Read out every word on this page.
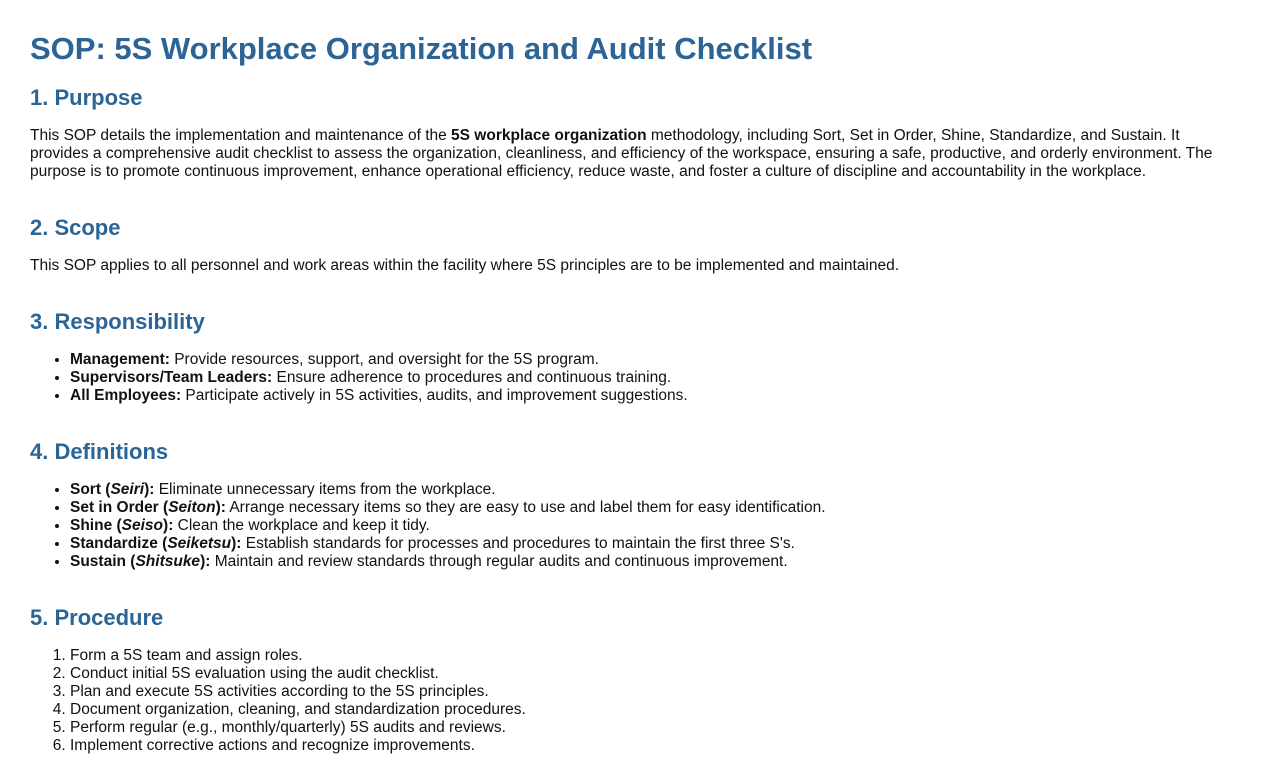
SOP: 5S Workplace Organization and Audit Checklist
1. Purpose

This SOP details the implementation and maintenance of the 5S workplace organization methodology, including Sort, Set in Order, Shine, Standardize, and Sustain. It provides a comprehensive audit checklist to assess the organization, cleanliness, and efficiency of the workspace, ensuring a safe, productive, and orderly environment. The purpose is to promote continuous improvement, enhance operational efficiency, reduce waste, and foster a culture of discipline and accountability in the workplace.

2. Scope

This SOP applies to all personnel and work areas within the facility where 5S principles are to be implemented and maintained.

3. Responsibility
• Management: Provide resources, support, and oversight for the 5S program.
• Supervisors/Team Leaders: Ensure adherence to procedures and continuous training.
• All Employees: Participate actively in 5S activities, audits, and improvement suggestions.
4. Definitions
• Sort (Seiri): Eliminate unnecessary items from the workplace.
• Set in Order (Seiton): Arrange necessary items so they are easy to use and label them for easy identification.
• Shine (Seiso): Clean the workplace and keep it tidy.
• Standardize (Seiketsu): Establish standards for processes and procedures to maintain the first three S's.
• Sustain (Shitsuke): Maintain and review standards through regular audits and continuous improvement.
5. Procedure
1. Form a 5S team and assign roles.
2. Conduct initial 5S evaluation using the audit checklist.
3. Plan and execute 5S activities according to the 5S principles.
4. Document organization, cleaning, and standardization procedures.
5. Perform regular (e.g., monthly/quarterly) 5S audits and reviews.
6. Implement corrective actions and recognize improvements.
